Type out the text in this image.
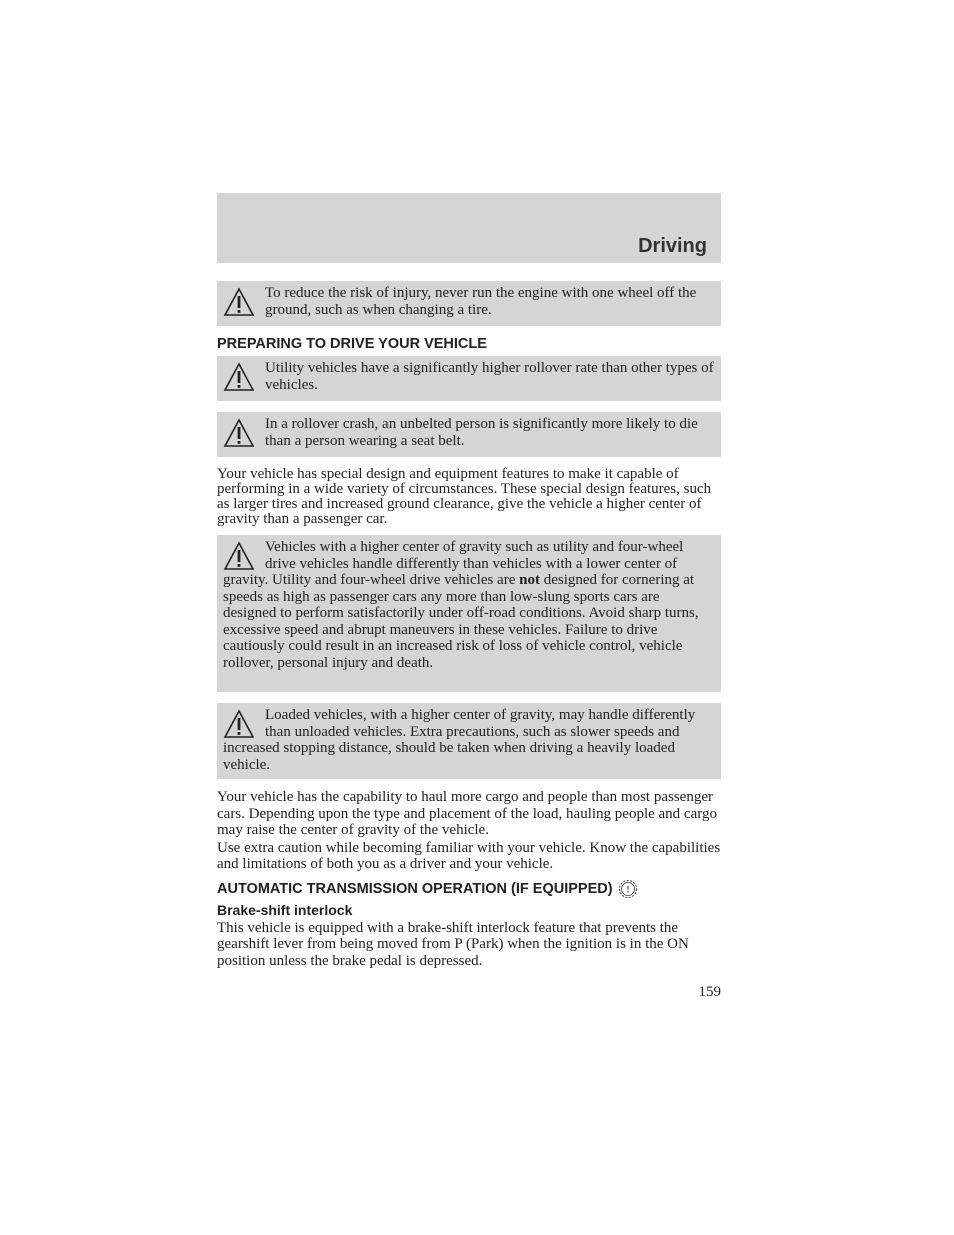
Driving

To reduce the risk of injury, never run the engine with one wheel off the ground, such as when changing a tire.

PREPARING TO DRIVE YOUR VEHICLE

Utility vehicles have a significantly higher rollover rate than other types of vehicles.

In a rollover crash, an unbelted person is significantly more likely to die than a person wearing a seat belt.

Your vehicle has special design and equipment features to make it capable of performing in a wide variety of circumstances. These special design features, such as larger tires and increased ground clearance, give the vehicle a higher center of gravity than a passenger car.

Vehicles with a higher center of gravity such as utility and four-wheel drive vehicles handle differently than vehicles with a lower center of gravity. Utility and four-wheel drive vehicles are not designed for cornering at speeds as high as passenger cars any more than low-slung sports cars are designed to perform satisfactorily under off-road conditions. Avoid sharp turns, excessive speed and abrupt maneuvers in these vehicles. Failure to drive cautiously could result in an increased risk of loss of vehicle control, vehicle rollover, personal injury and death.

Loaded vehicles, with a higher center of gravity, may handle differently than unloaded vehicles. Extra precautions, such as slower speeds and increased stopping distance, should be taken when driving a heavily loaded vehicle.

Your vehicle has the capability to haul more cargo and people than most passenger cars. Depending upon the type and placement of the load, hauling people and cargo may raise the center of gravity of the vehicle.

Use extra caution while becoming familiar with your vehicle. Know the capabilities and limitations of both you as a driver and your vehicle.

AUTOMATIC TRANSMISSION OPERATION (IF EQUIPPED) !
Brake-shift interlock

This vehicle is equipped with a brake-shift interlock feature that prevents the gearshift lever from being moved from P (Park) when the ignition is in the ON position unless the brake pedal is depressed.

159
